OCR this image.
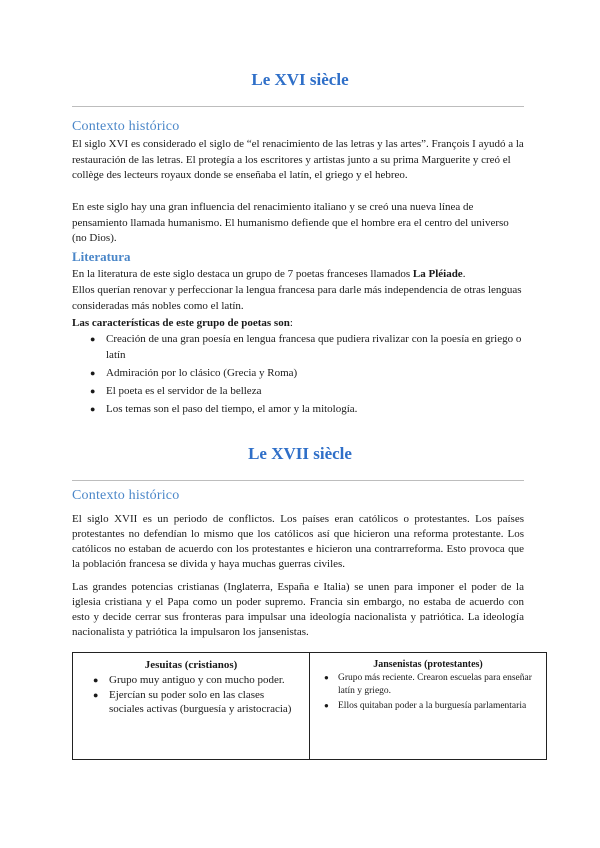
Le XVI siècle
Contexto histórico

El siglo XVI es considerado el siglo de “el renacimiento de las letras y las artes”. François I ayudó a la restauración de las letras. El protegía a los escritores y artistas junto a su prima Marguerite y creó el collège des lecteurs royaux donde se enseñaba el latín, el griego y el hebreo.

En este siglo hay una gran influencia del renacimiento italiano y se creó una nueva línea de pensamiento llamada humanismo. El humanismo defiende que el hombre era el centro del universo (no Dios).

Literatura

En la literatura de este siglo destaca un grupo de 7 poetas franceses llamados La Pléiade.

Ellos querían renovar y perfeccionar la lengua francesa para darle más independencia de otras lenguas consideradas más nobles como el latín.

Las características de este grupo de poetas son:

● Creación de una gran poesía en lengua francesa que pudiera rivalizar con la poesía en griego o latín
● Admiración por lo clásico (Grecia y Roma)
● El poeta es el servidor de la belleza
● Los temas son el paso del tiempo, el amor y la mitología.
Le XVII siècle
Contexto histórico

El siglo XVII es un periodo de conflictos. Los países eran católicos o protestantes. Los países protestantes no defendían lo mismo que los católicos así que hicieron una reforma protestante. Los católicos no estaban de acuerdo con los protestantes e hicieron una contrarreforma. Esto provoca que la población francesa se divida y haya muchas guerras civiles.

Las grandes potencias cristianas (Inglaterra, España e Italia) se unen para imponer el poder de la iglesia cristiana y el Papa como un poder supremo. Francia sin embargo, no estaba de acuerdo con esto y decide cerrar sus fronteras para impulsar una ideología nacionalista y patriótica. La ideología nacionalista y patriótica la impulsaron los jansenistas.

Jesuitas (cristianos)

● Grupo muy antiguo y con mucho poder.
● Ejercían su poder solo en las clases sociales activas (burguesía y aristocracia)

Jansenistas (protestantes)

● Grupo más reciente. Crearon escuelas para enseñar latín y griego.
● Ellos quitaban poder a la burguesía parlamentaria
